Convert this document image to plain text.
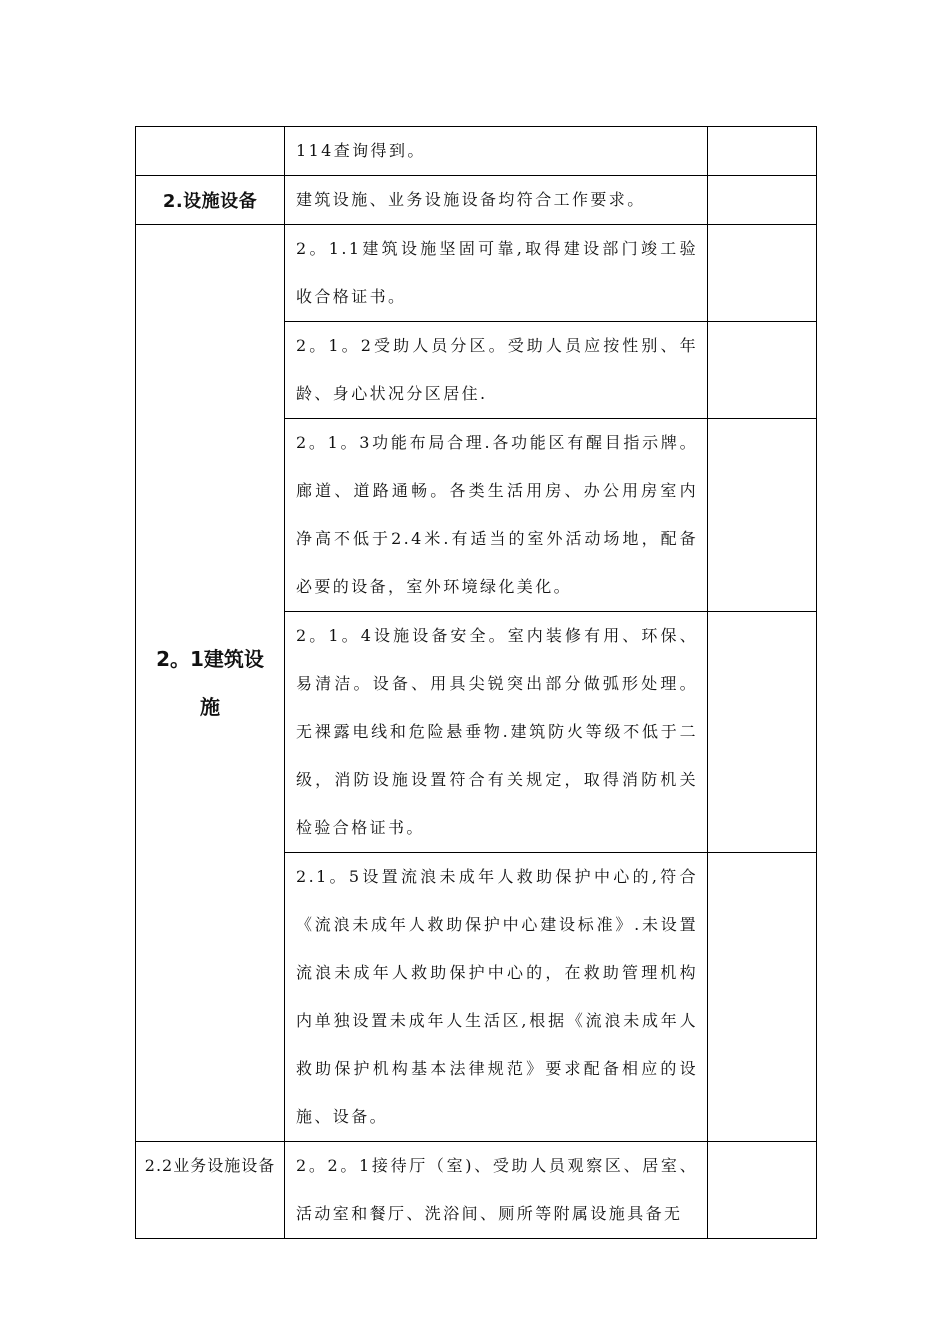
	114查询得到。	

2.设施设备	建筑设施、业务设施设备均符合工作要求。	

2。1建筑设施	2。1.1建筑设施坚固可靠,取得建设部门竣工验收合格证书。	

	2。1。2受助人员分区。受助人员应按性别、年龄、身心状况分区居住.	

	2。1。3功能布局合理.各功能区有醒目指示牌。廊道、道路通畅。各类生活用房、办公用房室内净高不低于2.4米.有适当的室外活动场地，配备必要的设备，室外环境绿化美化。	

	2。1。4设施设备安全。室内装修有用、环保、易清洁。设备、用具尖锐突出部分做弧形处理。无裸露电线和危险悬垂物.建筑防火等级不低于二级，消防设施设置符合有关规定，取得消防机关检验合格证书。	

	2.1。5设置流浪未成年人救助保护中心的,符合《流浪未成年人救助保护中心建设标准》.未设置流浪未成年人救助保护中心的，在救助管理机构内单独设置未成年人生活区,根据《流浪未成年人救助保护机构基本法律规范》要求配备相应的设施、设备。	

2.2业务设施设备	2。2。1接待厅（室)、受助人员观察区、居室、活动室和餐厅、洗浴间、厕所等附属设施具备无	
